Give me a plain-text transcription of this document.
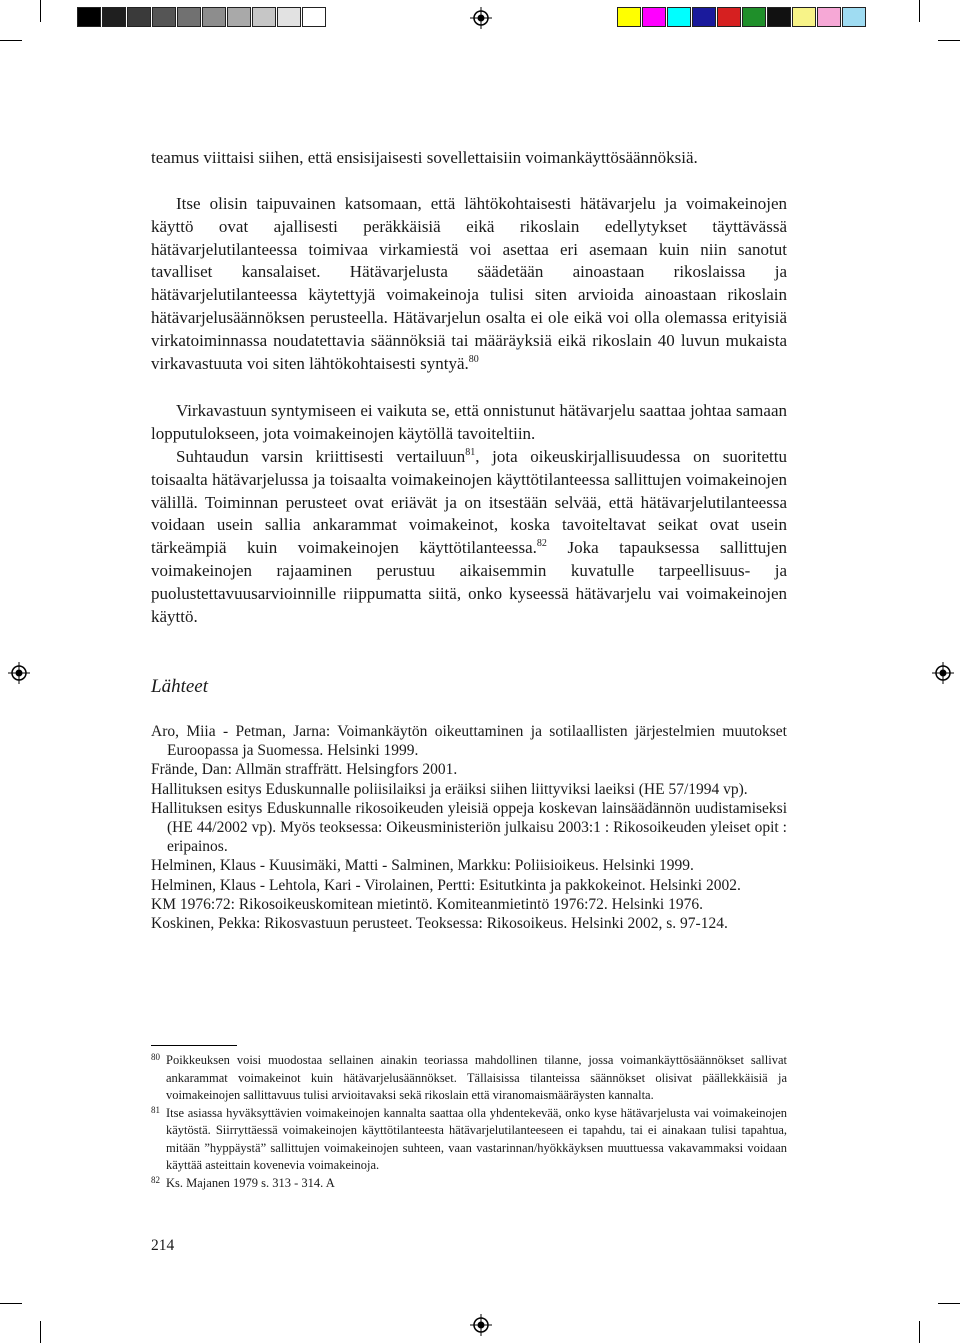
teamus viittaisi siihen, että ensisijaisesti sovellettaisiin voimankäyttösäännöksiä.

Itse olisin taipuvainen katsomaan, että lähtökohtaisesti hätävarjelu ja voimakeinojen käyttö ovat ajallisesti peräkkäisiä eikä rikoslain edellytykset täyttävässä hätävarjelutilanteessa toimivaa virkamiestä voi asettaa eri asemaan kuin niin sanotut tavalliset kansalaiset. Hätävarjelusta säädetään ainoastaan rikoslaissa ja hätävarjelutilanteessa käytettyjä voimakeinoja tulisi siten arvioida ainoastaan rikoslain hätävarjelusäännöksen perusteella. Hätävarjelun osalta ei ole eikä voi olla olemassa erityisiä virkatoiminnassa noudatettavia säännöksiä tai määräyksiä eikä rikoslain 40 luvun mukaista virkavastuuta voi siten lähtökohtaisesti syntyä.$^{80}$

Virkavastuun syntymiseen ei vaikuta se, että onnistunut hätävarjelu saattaa johtaa samaan lopputulokseen, jota voimakeinojen käytöllä tavoiteltiin.

Suhtaudun varsin kriittisesti vertailuun$^{81}$, jota oikeuskirjallisuudessa on suoritettu toisaalta hätävarjelussa ja toisaalta voimakeinojen käyttötilanteessa sallittujen voimakeinojen välillä. Toiminnan perusteet ovat eriävät ja on itsestään selvää, että hätävarjelutilanteessa voidaan usein sallia ankarammat voimakeinot, koska tavoiteltavat seikat ovat usein tärkeämpiä kuin voimakeinojen käyttötilanteessa.$^{82}$ Joka tapauksessa sallittujen voimakeinojen rajaaminen perustuu aikaisemmin kuvatulle tarpeellisuus- ja puolustettavuusarvioinnille riippumatta siitä, onko kyseessä hätävarjelu vai voimakeinojen käyttö.

Lähteet
Aro, Miia - Petman, Jarna: Voimankäytön oikeuttaminen ja sotilaallisten järjestelmien muutokset Euroopassa ja Suomessa. Helsinki 1999.
Frände, Dan: Allmän straffrätt. Helsingfors 2001.
Hallituksen esitys Eduskunnalle poliisilaiksi ja eräiksi siihen liittyviksi laeiksi (HE 57/1994 vp).
Hallituksen esitys Eduskunnalle rikosoikeuden yleisiä oppeja koskevan lainsäädännön uudistamiseksi (HE 44/2002 vp). Myös teoksessa: Oikeusministeriön julkaisu 2003:1 : Rikosoikeuden yleiset opit : eripainos.
Helminen, Klaus - Kuusimäki, Matti - Salminen, Markku: Poliisioikeus. Helsinki 1999.
Helminen, Klaus - Lehtola, Kari - Virolainen, Pertti: Esitutkinta ja pakkokeinot. Helsinki 2002.
KM 1976:72: Rikosoikeuskomitean mietintö. Komiteanmietintö 1976:72. Helsinki 1976.
Koskinen, Pekka: Rikosvastuun perusteet. Teoksessa: Rikosoikeus. Helsinki 2002, s. 97-124.
80 Poikkeuksen voisi muodostaa sellainen ainakin teoriassa mahdollinen tilanne, jossa voimankäyttösäännökset sallivat ankarammat voimakeinot kuin hätävarjelusäännökset. Tällaisissa tilanteissa säännökset olisivat päällekkäisiä ja voimakeinojen sallittavuus tulisi arvioitavaksi sekä rikoslain että viranomaismääräysten kannalta.
81 Itse asiassa hyväksyttävien voimakeinojen kannalta saattaa olla yhdentekevää, onko kyse hätävarjelusta vai voimakeinojen käytöstä. Siirryttäessä voimakeinojen käyttötilanteesta hätävarjelutilanteeseen ei tapahdu, tai ei ainakaan tulisi tapahtua, mitään ”hyppäystä” sallittujen voimakeinojen suhteen, vaan vastarinnan/hyökkäyksen muuttuessa vakavammaksi voidaan käyttää asteittain kovenevia voimakeinoja.
82 Ks. Majanen 1979 s. 313 - 314. A
214
